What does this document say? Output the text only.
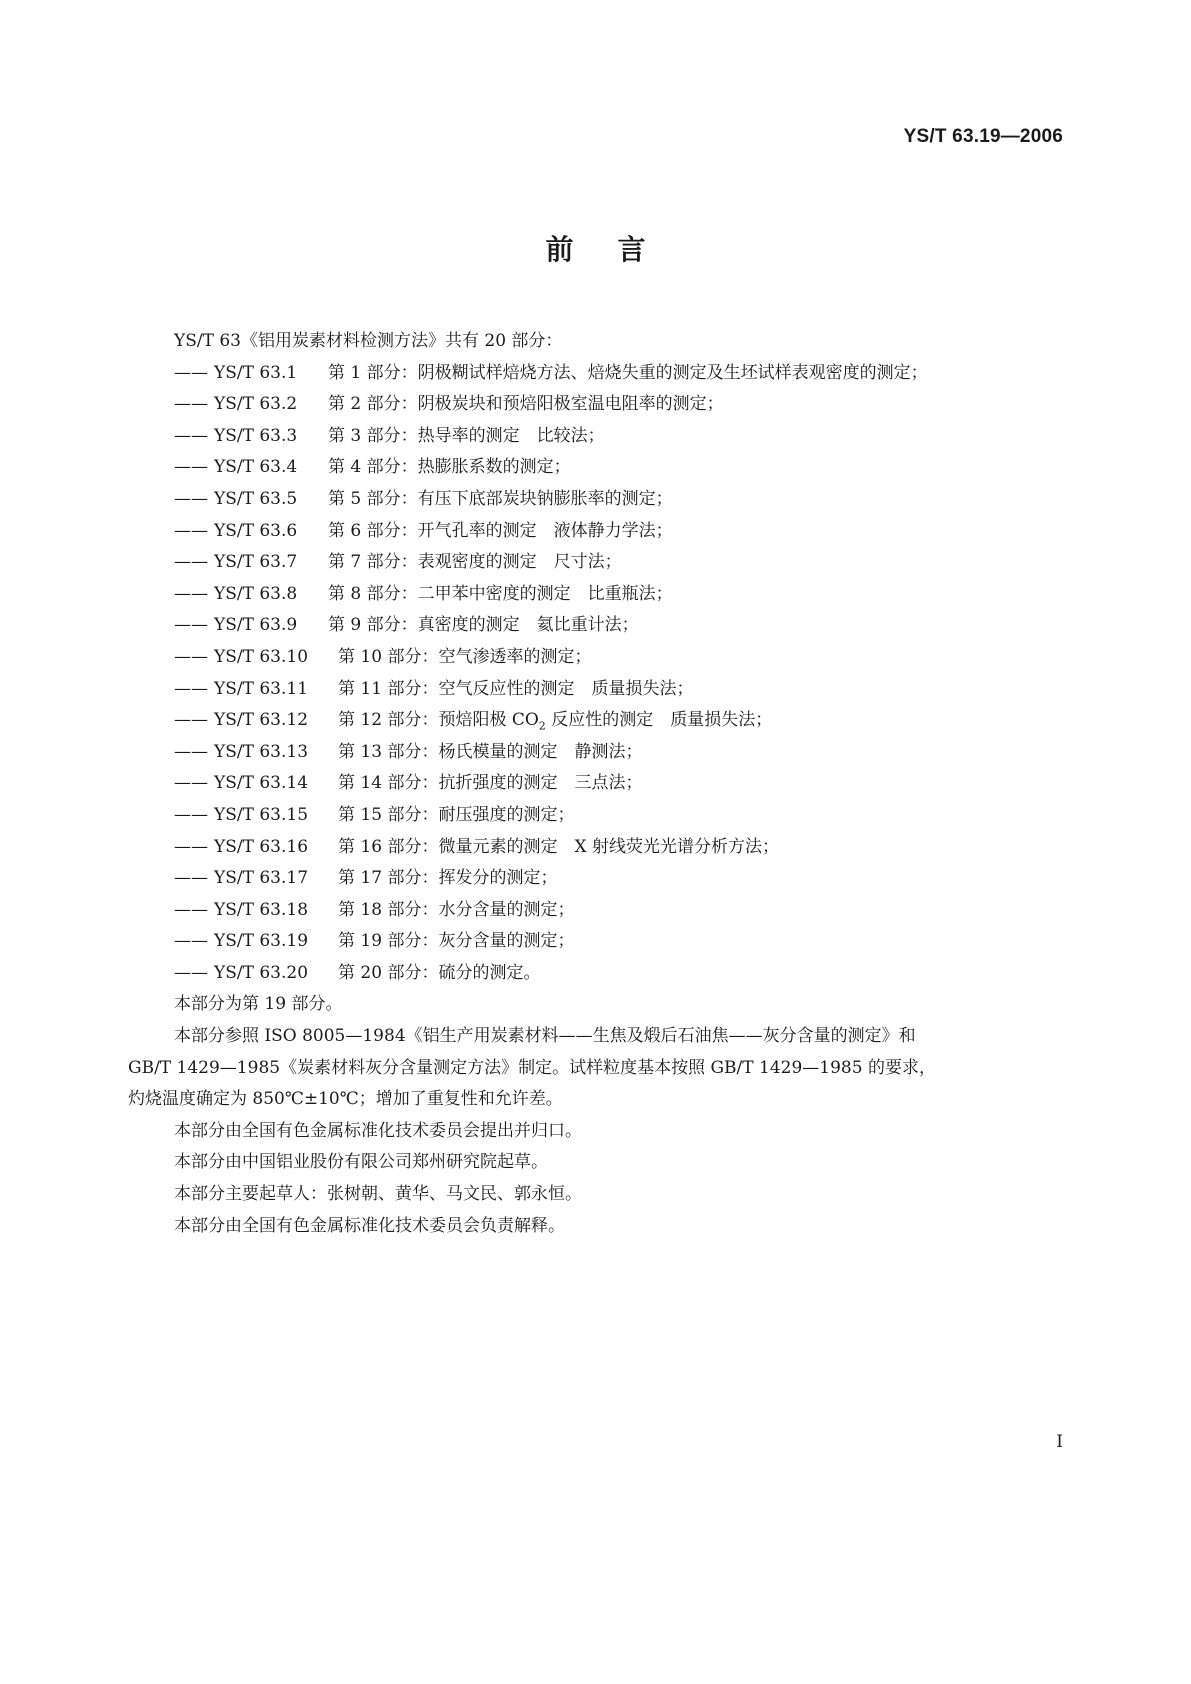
YS/T 63.19—2006
前言
YS/T 63《铝用炭素材料检测方法》共有 20 部分：
—— YS/T 63.1	第 1 部分：阴极糊试样焙烧方法、焙烧失重的测定及生坯试样表观密度的测定；
—— YS/T 63.2	第 2 部分：阴极炭块和预焙阳极室温电阻率的测定；
—— YS/T 63.3	第 3 部分：热导率的测定　比较法；
—— YS/T 63.4	第 4 部分：热膨胀系数的测定；
—— YS/T 63.5	第 5 部分：有压下底部炭块钠膨胀率的测定；
—— YS/T 63.6	第 6 部分：开气孔率的测定　液体静力学法；
—— YS/T 63.7	第 7 部分：表观密度的测定　尺寸法；
—— YS/T 63.8	第 8 部分：二甲苯中密度的测定　比重瓶法；
—— YS/T 63.9	第 9 部分：真密度的测定　氦比重计法；
—— YS/T 63.10	第 10 部分：空气渗透率的测定；
—— YS/T 63.11	第 11 部分：空气反应性的测定　质量损失法；
—— YS/T 63.12	第 12 部分：预焙阳极 $CO_2$ 反应性的测定　质量损失法；
—— YS/T 63.13	第 13 部分：杨氏模量的测定　静测法；
—— YS/T 63.14	第 14 部分：抗折强度的测定　三点法；
—— YS/T 63.15	第 15 部分：耐压强度的测定；
—— YS/T 63.16	第 16 部分：微量元素的测定　X 射线荧光光谱分析方法；
—— YS/T 63.17	第 17 部分：挥发分的测定；
—— YS/T 63.18	第 18 部分：水分含量的测定；
—— YS/T 63.19	第 19 部分：灰分含量的测定；
—— YS/T 63.20	第 20 部分：硫分的测定。
本部分为第 19 部分。
本部分参照 ISO 8005—1984《铝生产用炭素材料——生焦及煅后石油焦——灰分含量的测定》和
GB/T 1429—1985《炭素材料灰分含量测定方法》制定。试样粒度基本按照 GB/T 1429—1985 的要求，
灼烧温度确定为 850℃±10℃；增加了重复性和允许差。
本部分由全国有色金属标准化技术委员会提出并归口。
本部分由中国铝业股份有限公司郑州研究院起草。
本部分主要起草人：张树朝、黄华、马文民、郭永恒。
本部分由全国有色金属标准化技术委员会负责解释。
I
